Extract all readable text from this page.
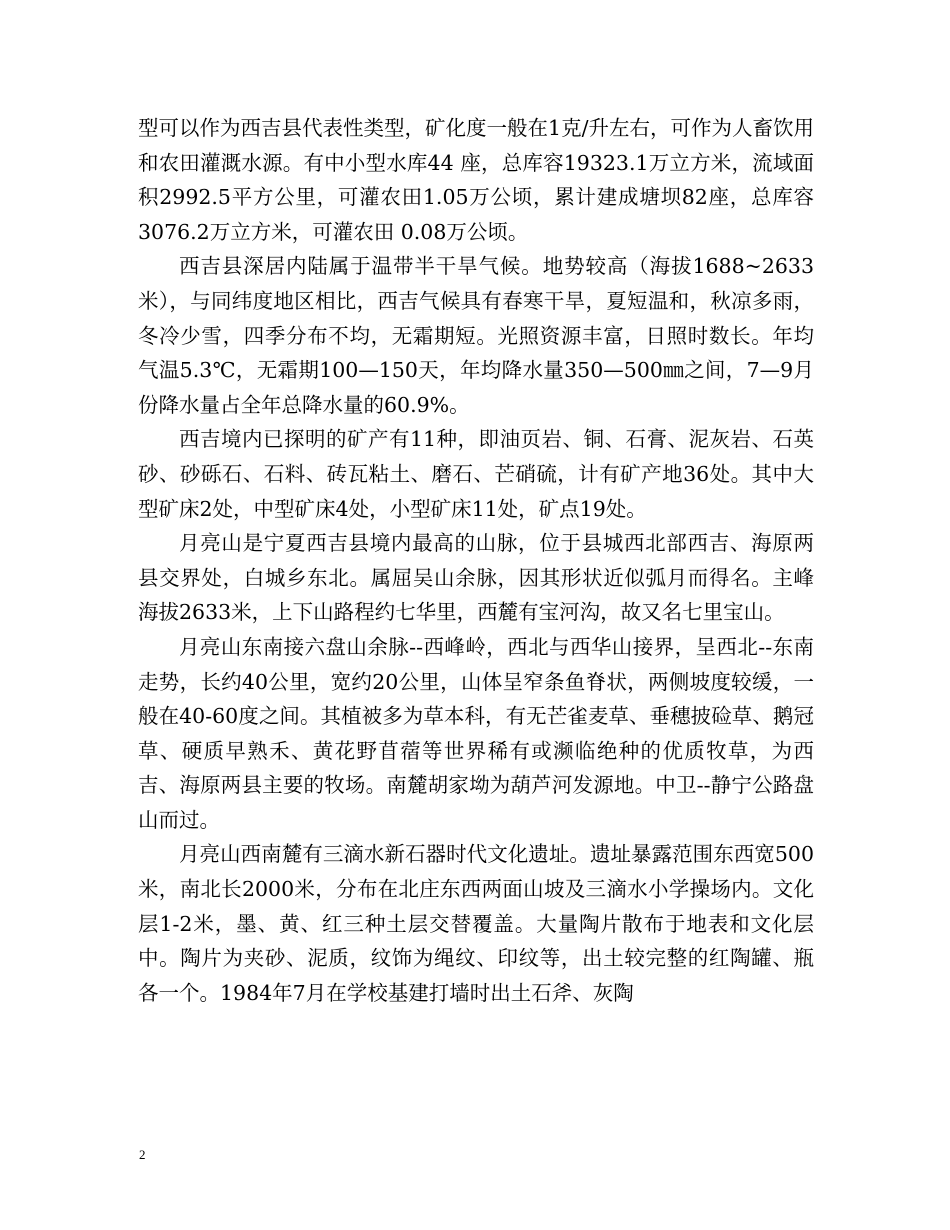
型可以作为西吉县代表性类型，矿化度一般在1克/升左右，可作为人畜饮用和农田灌溉水源。有中小型水库44 座，总库容19323.1万立方米，流域面积2992.5平方公里，可灌农田1.05万公顷，累计建成塘坝82座，总库容3076.2万立方米，可灌农田 0.08万公顷。

西吉县深居内陆属于温带半干旱气候。地势较高（海拔1688~2633米），与同纬度地区相比，西吉气候具有春寒干旱，夏短温和，秋凉多雨，冬冷少雪，四季分布不均，无霜期短。光照资源丰富，日照时数长。年均气温5.3℃，无霜期100—150天，年均降水量350—500㎜之间，7—9月份降水量占全年总降水量的60.9%。

西吉境内已探明的矿产有11种，即油页岩、铜、石膏、泥灰岩、石英砂、砂砾石、石料、砖瓦粘土、磨石、芒硝硫，计有矿产地36处。其中大型矿床2处，中型矿床4处，小型矿床11处，矿点19处。

月亮山是宁夏西吉县境内最高的山脉，位于县城西北部西吉、海原两县交界处，白城乡东北。属屈吴山余脉，因其形状近似弧月而得名。主峰海拔2633米，上下山路程约七华里，西麓有宝河沟，故又名七里宝山。

月亮山东南接六盘山余脉--西峰岭，西北与西华山接界，呈西北--东南走势，长约40公里，宽约20公里，山体呈窄条鱼脊状，两侧坡度较缓，一般在40-60度之间。其植被多为草本科，有无芒雀麦草、垂穗披硷草、鹅冠草、硬质早熟禾、黄花野苜蓿等世界稀有或濒临绝种的优质牧草，为西吉、海原两县主要的牧场。南麓胡家坳为葫芦河发源地。中卫--静宁公路盘山而过。

月亮山西南麓有三滴水新石器时代文化遗址。遗址暴露范围东西宽500米，南北长2000米，分布在北庄东西两面山坡及三滴水小学操场内。文化层1-2米，墨、黄、红三种土层交替覆盖。大量陶片散布于地表和文化层中。陶片为夹砂、泥质，纹饰为绳纹、印纹等，出土较完整的红陶罐、瓶各一个。1984年7月在学校基建打墙时出土石斧、灰陶

2
